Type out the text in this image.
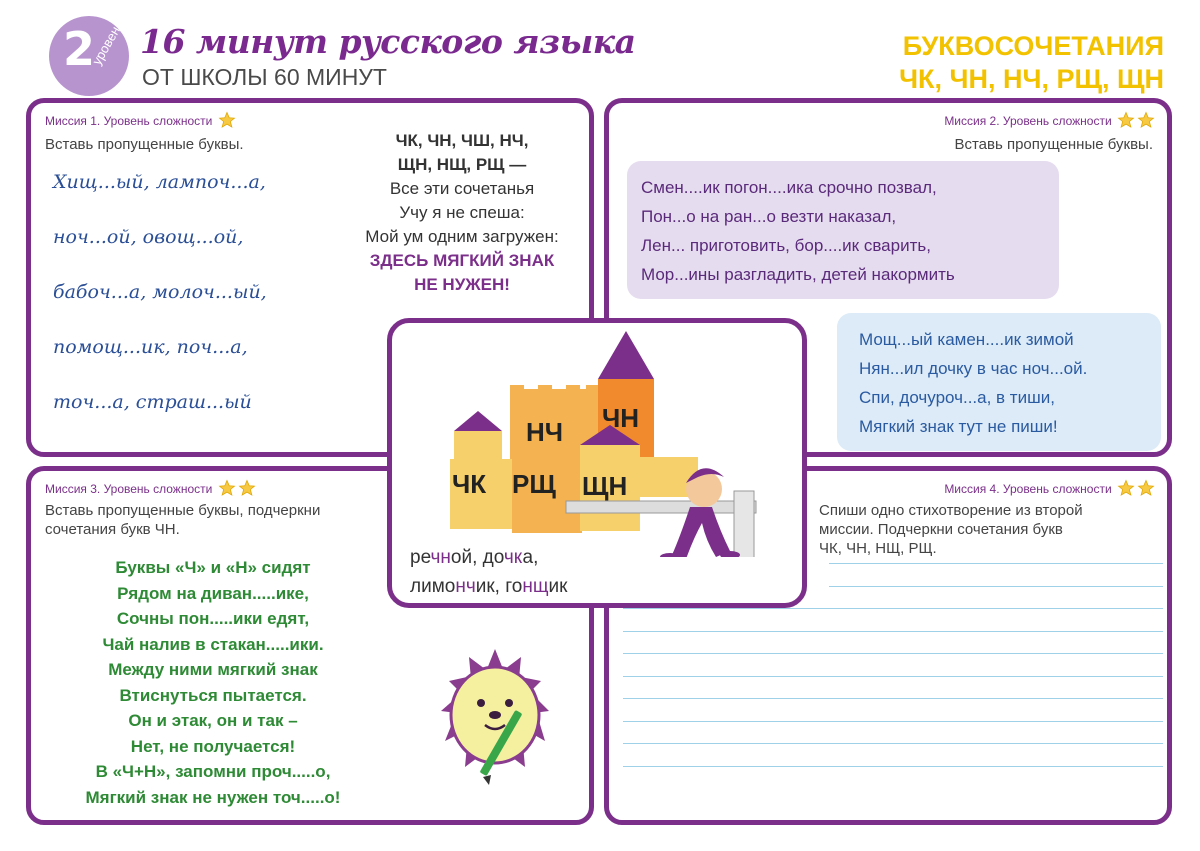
2
уровень 16 минут русского языка
ОТ ШКОЛЫ 60 МИНУТ
БУКВОСОЧЕТАНИЯ
ЧК, ЧН, НЧ, РЩ, ЩН
Миссия 1. Уровень сложности
Вставь пропущенные буквы.
Хищ...ый, лампоч...а,
ноч...ой, овощ...ой,
бабоч...а, молоч...ый,
помощ...ик, поч...а,
точ...а, страш...ый
ЧК, ЧН, ЧШ, НЧ,
ЩН, НЩ, РЩ —
Все эти сочетанья
Учу я не спеша:
Мой ум одним загружен:
ЗДЕСЬ МЯГКИЙ ЗНАК
НЕ НУЖЕН!
Миссия 2. Уровень сложности
Вставь пропущенные буквы.
Смен....ик погон....ика срочно позвал,
Пон...о на ран...о везти наказал,
Лен... приготовить, бор....ик сварить,
Мор...ины разгладить, детей накормить
Мощ...ый камен....ик зимой
Нян...ил дочку в час ноч...ой.
Спи, дочуроч...а, в тиши,
Мягкий знак тут не пиши!
Миссия 3. Уровень сложности
Вставь пропущенные буквы, подчеркни
сочетания букв ЧН.
Буквы «Ч» и «Н» сидят
Рядом на диван.....ике,
Сочны пон.....ики едят,
Чай налив в стакан.....ики.
Между ними мягкий знак
Втиснуться пытается.
Он и этак, он и так –
Нет, не получается!
В «Ч+Н», запомни проч.....о,
Мягкий знак не нужен точ.....о!
Миссия 4. Уровень сложности
Спиши одно стихотворение из второй
миссии. Подчеркни сочетания букв
ЧК, ЧН, НЩ, РЩ.
НЧ ЧН
ЧК РЩ ЩН
речной, дочка,
лимончик, гонщик
